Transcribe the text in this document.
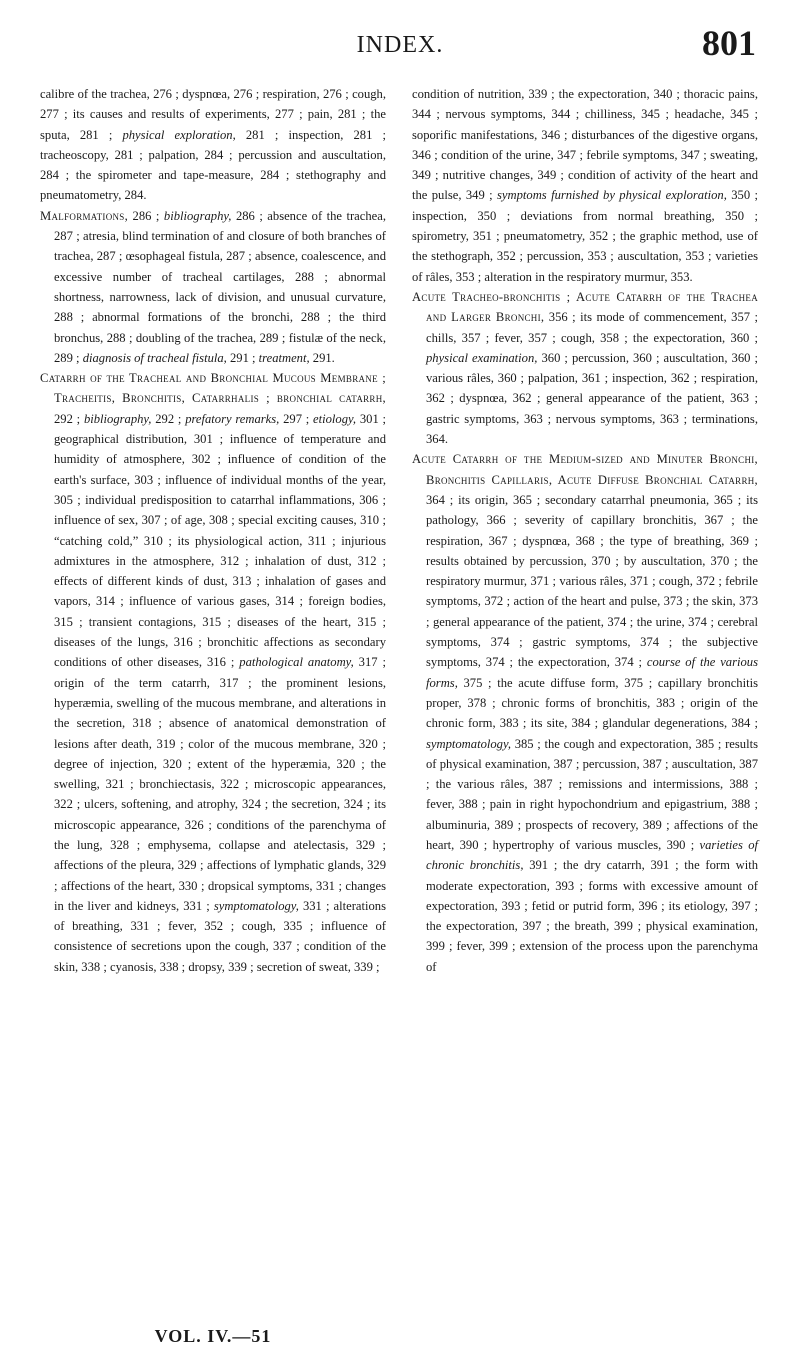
INDEX.	801

calibre of the trachea, 276 ; dyspnœa, 276 ; respiration, 276 ; cough, 277 ; its causes and results of experiments, 277 ; pain, 281 ; the sputa, 281 ; physical exploration, 281 ; inspection, 281 ; tracheoscopy, 281 ; palpation, 284 ; percussion and auscultation, 284 ; the spirometer and tape-measure, 284 ; stethography and pneumatometry, 284.

Malformations, 286 ; bibliography, 286 ; absence of the trachea, 287 ; atresia, blind termination of and closure of both branches of trachea, 287 ; œsophageal fistula, 287 ; absence, coalescence, and excessive number of tracheal cartilages, 288 ; abnormal shortness, narrowness, lack of division, and unusual curvature, 288 ; abnormal formations of the bronchi, 288 ; the third bronchus, 288 ; doubling of the trachea, 289 ; fistulæ of the neck, 289 ; diagnosis of tracheal fistula, 291 ; treatment, 291.

Catarrh of the Tracheal and Bronchial Mucous Membrane ; Tracheitis, Bronchitis, Catarrhalis ; bronchial catarrh, 292 ; bibliography, 292 ; prefatory remarks, 297 ; etiology, 301 ; geographical distribution, 301 ; influence of temperature and humidity of atmosphere, 302 ; influence of condition of the earth's surface, 303 ; influence of individual months of the year, 305 ; individual predisposition to catarrhal inflammations, 306 ; influence of sex, 307 ; of age, 308 ; special exciting causes, 310 ; “catching cold,” 310 ; its physiological action, 311 ; injurious admixtures in the atmosphere, 312 ; inhalation of dust, 312 ; effects of different kinds of dust, 313 ; inhalation of gases and vapors, 314 ; influence of various gases, 314 ; foreign bodies, 315 ; transient contagions, 315 ; diseases of the heart, 315 ; diseases of the lungs, 316 ; bronchitic affections as secondary conditions of other diseases, 316 ; pathological anatomy, 317 ; origin of the term catarrh, 317 ; the prominent lesions, hyperæmia, swelling of the mucous membrane, and alterations in the secretion, 318 ; absence of anatomical demonstration of lesions after death, 319 ; color of the mucous membrane, 320 ; degree of injection, 320 ; extent of the hyperæmia, 320 ; the swelling, 321 ; bronchiectasis, 322 ; microscopic appearances, 322 ; ulcers, softening, and atrophy, 324 ; the secretion, 324 ; its microscopic appearance, 326 ; conditions of the parenchyma of the lung, 328 ; emphysema, collapse and atelectasis, 329 ; affections of the pleura, 329 ; affections of lymphatic glands, 329 ; affections of the heart, 330 ; dropsical symptoms, 331 ; changes in the liver and kidneys, 331 ; symptomatology, 331 ; alterations of breathing, 331 ; fever, 352 ; cough, 335 ; influence of consistence of secretions upon the cough, 337 ; condition of the skin, 338 ; cyanosis, 338 ; dropsy, 339 ; secretion of sweat, 339 ;

condition of nutrition, 339 ; the expectoration, 340 ; thoracic pains, 344 ; nervous symptoms, 344 ; chilliness, 345 ; headache, 345 ; soporific manifestations, 346 ; disturbances of the digestive organs, 346 ; condition of the urine, 347 ; febrile symptoms, 347 ; sweating, 349 ; nutritive changes, 349 ; condition of activity of the heart and the pulse, 349 ; symptoms furnished by physical exploration, 350 ; inspection, 350 ; deviations from normal breathing, 350 ; spirometry, 351 ; pneumatometry, 352 ; the graphic method, use of the stethograph, 352 ; percussion, 353 ; auscultation, 353 ; varieties of râles, 353 ; alteration in the respiratory murmur, 353.

Acute Tracheo-bronchitis ; Acute Catarrh of the Trachea and Larger Bronchi, 356 ; its mode of commencement, 357 ; chills, 357 ; fever, 357 ; cough, 358 ; the expectoration, 360 ; physical examination, 360 ; percussion, 360 ; auscultation, 360 ; various râles, 360 ; palpation, 361 ; inspection, 362 ; respiration, 362 ; dyspnœa, 362 ; general appearance of the patient, 363 ; gastric symptoms, 363 ; nervous symptoms, 363 ; terminations, 364.

Acute Catarrh of the Medium-sized and Minuter Bronchi, Bronchitis Capillaris, Acute Diffuse Bronchial Catarrh, 364 ; its origin, 365 ; secondary catarrhal pneumonia, 365 ; its pathology, 366 ; severity of capillary bronchitis, 367 ; the respiration, 367 ; dyspnœa, 368 ; the type of breathing, 369 ; results obtained by percussion, 370 ; by auscultation, 370 ; the respiratory murmur, 371 ; various râles, 371 ; cough, 372 ; febrile symptoms, 372 ; action of the heart and pulse, 373 ; the skin, 373 ; general appearance of the patient, 374 ; the urine, 374 ; cerebral symptoms, 374 ; gastric symptoms, 374 ; the subjective symptoms, 374 ; the expectoration, 374 ; course of the various forms, 375 ; the acute diffuse form, 375 ; capillary bronchitis proper, 378 ; chronic forms of bronchitis, 383 ; origin of the chronic form, 383 ; its site, 384 ; glandular degenerations, 384 ; symptomatology, 385 ; the cough and expectoration, 385 ; results of physical examination, 387 ; percussion, 387 ; auscultation, 387 ; the various râles, 387 ; remissions and intermissions, 388 ; fever, 388 ; pain in right hypochondrium and epigastrium, 388 ; albuminuria, 389 ; prospects of recovery, 389 ; affections of the heart, 390 ; hypertrophy of various muscles, 390 ; varieties of chronic bronchitis, 391 ; the dry catarrh, 391 ; the form with moderate expectoration, 393 ; forms with excessive amount of expectoration, 393 ; fetid or putrid form, 396 ; its etiology, 397 ; the expectoration, 397 ; the breath, 399 ; physical examination, 399 ; fever, 399 ; extension of the process upon the parenchyma of

VOL. IV.—51
